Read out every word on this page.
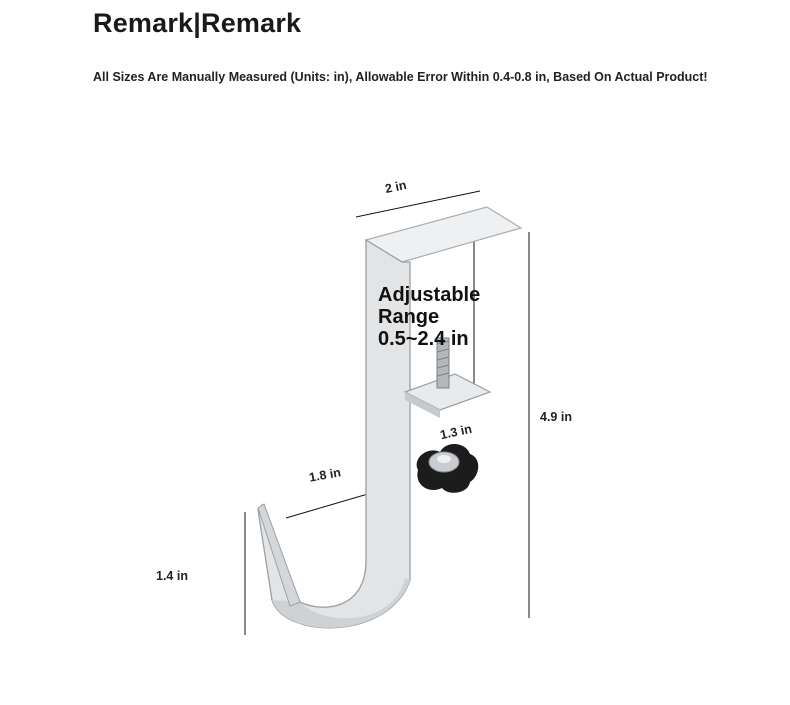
Remark|Remark
All Sizes Are Manually Measured (Units: in), Allowable Error Within 0.4-0.8 in, Based On Actual Product!
2 in
4.9 in
1.3 in
1.8 in
1.4 in
Adjustable
Range
0.5~2.4 in
